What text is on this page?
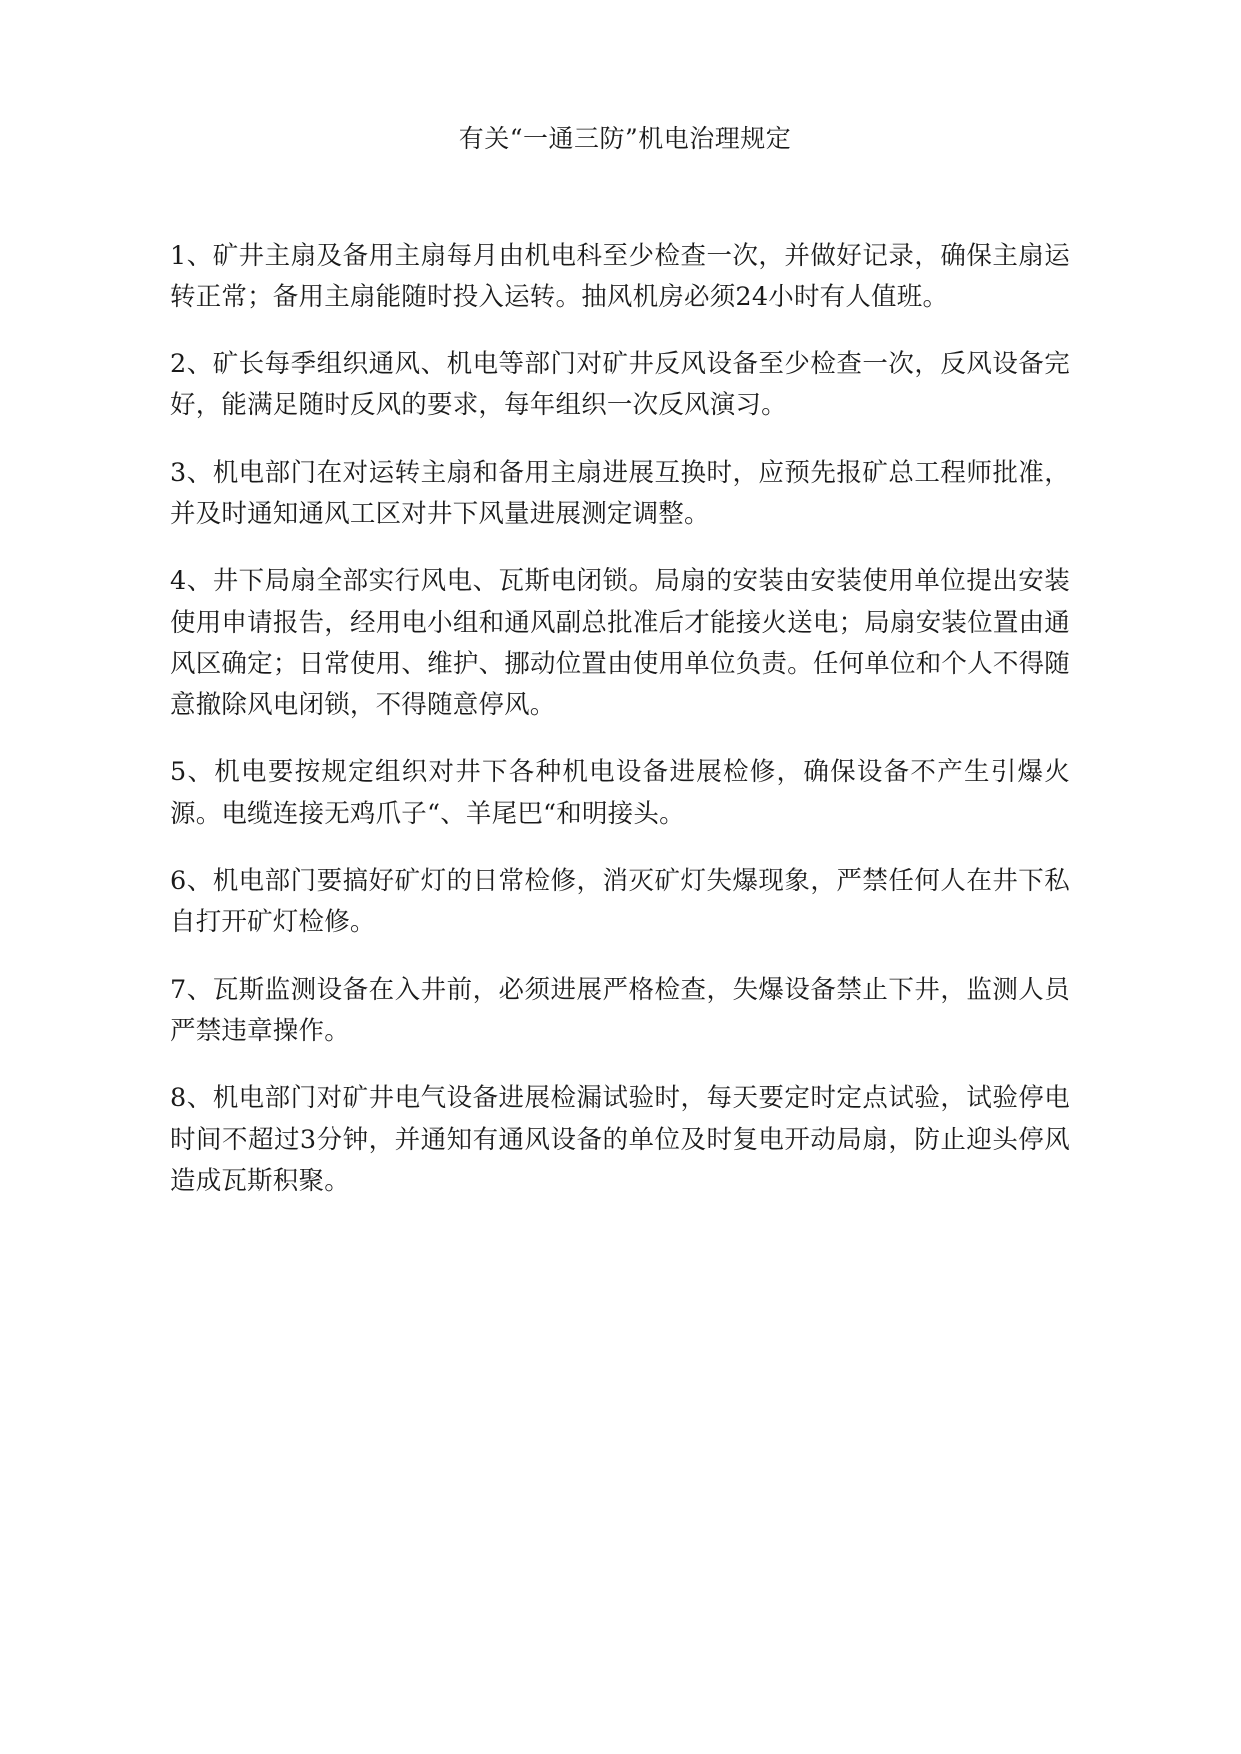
有关“一通三防”机电治理规定

1、矿井主扇及备用主扇每月由机电科至少检查一次，并做好记录，确保主扇运转正常；备用主扇能随时投入运转。抽风机房必须24小时有人值班。

2、矿长每季组织通风、机电等部门对矿井反风设备至少检查一次，反风设备完好，能满足随时反风的要求，每年组织一次反风演习。

3、机电部门在对运转主扇和备用主扇进展互换时，应预先报矿总工程师批准，并及时通知通风工区对井下风量进展测定调整。

4、井下局扇全部实行风电、瓦斯电闭锁。局扇的安装由安装使用单位提出安装使用申请报告，经用电小组和通风副总批准后才能接火送电；局扇安装位置由通风区确定；日常使用、维护、挪动位置由使用单位负责。任何单位和个人不得随意撤除风电闭锁，不得随意停风。

5、机电要按规定组织对井下各种机电设备进展检修，确保设备不产生引爆火源。电缆连接无鸡爪子“、羊尾巴“和明接头。

6、机电部门要搞好矿灯的日常检修，消灭矿灯失爆现象，严禁任何人在井下私自打开矿灯检修。

7、瓦斯监测设备在入井前，必须进展严格检查，失爆设备禁止下井，监测人员严禁违章操作。

8、机电部门对矿井电气设备进展检漏试验时，每天要定时定点试验，试验停电时间不超过3分钟，并通知有通风设备的单位及时复电开动局扇，防止迎头停风造成瓦斯积聚。
